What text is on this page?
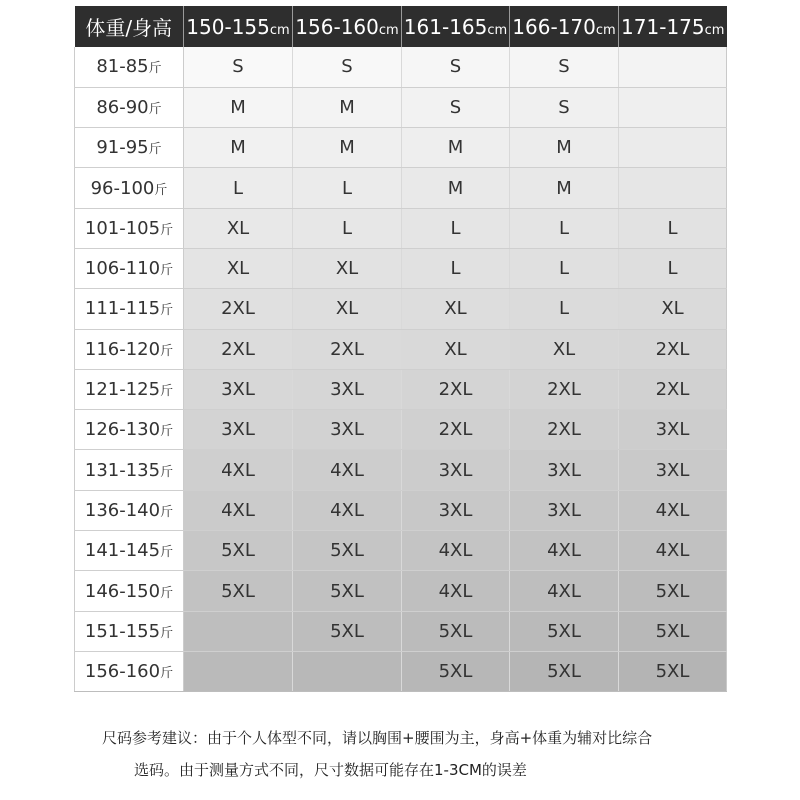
体重/身高	150-155cm	156-160cm	161-165cm	166-170cm	171-175cm
81-85斤	S	S	S	S	
86-90斤	M	M	S	S	
91-95斤	M	M	M	M	
96-100斤	L	L	M	M	
101-105斤	XL	L	L	L	L
106-110斤	XL	XL	L	L	L
111-115斤	2XL	XL	XL	L	XL
116-120斤	2XL	2XL	XL	XL	2XL
121-125斤	3XL	3XL	2XL	2XL	2XL
126-130斤	3XL	3XL	2XL	2XL	3XL
131-135斤	4XL	4XL	3XL	3XL	3XL
136-140斤	4XL	4XL	3XL	3XL	4XL
141-145斤	5XL	5XL	4XL	4XL	4XL
146-150斤	5XL	5XL	4XL	4XL	5XL
151-155斤		5XL	5XL	5XL	5XL
156-160斤			5XL	5XL	5XL
尺码参考建议：由于个人体型不同，请以胸围+腰围为主，身高+体重为辅对比综合
选码。由于测量方式不同，尺寸数据可能存在1-3CM的误差
